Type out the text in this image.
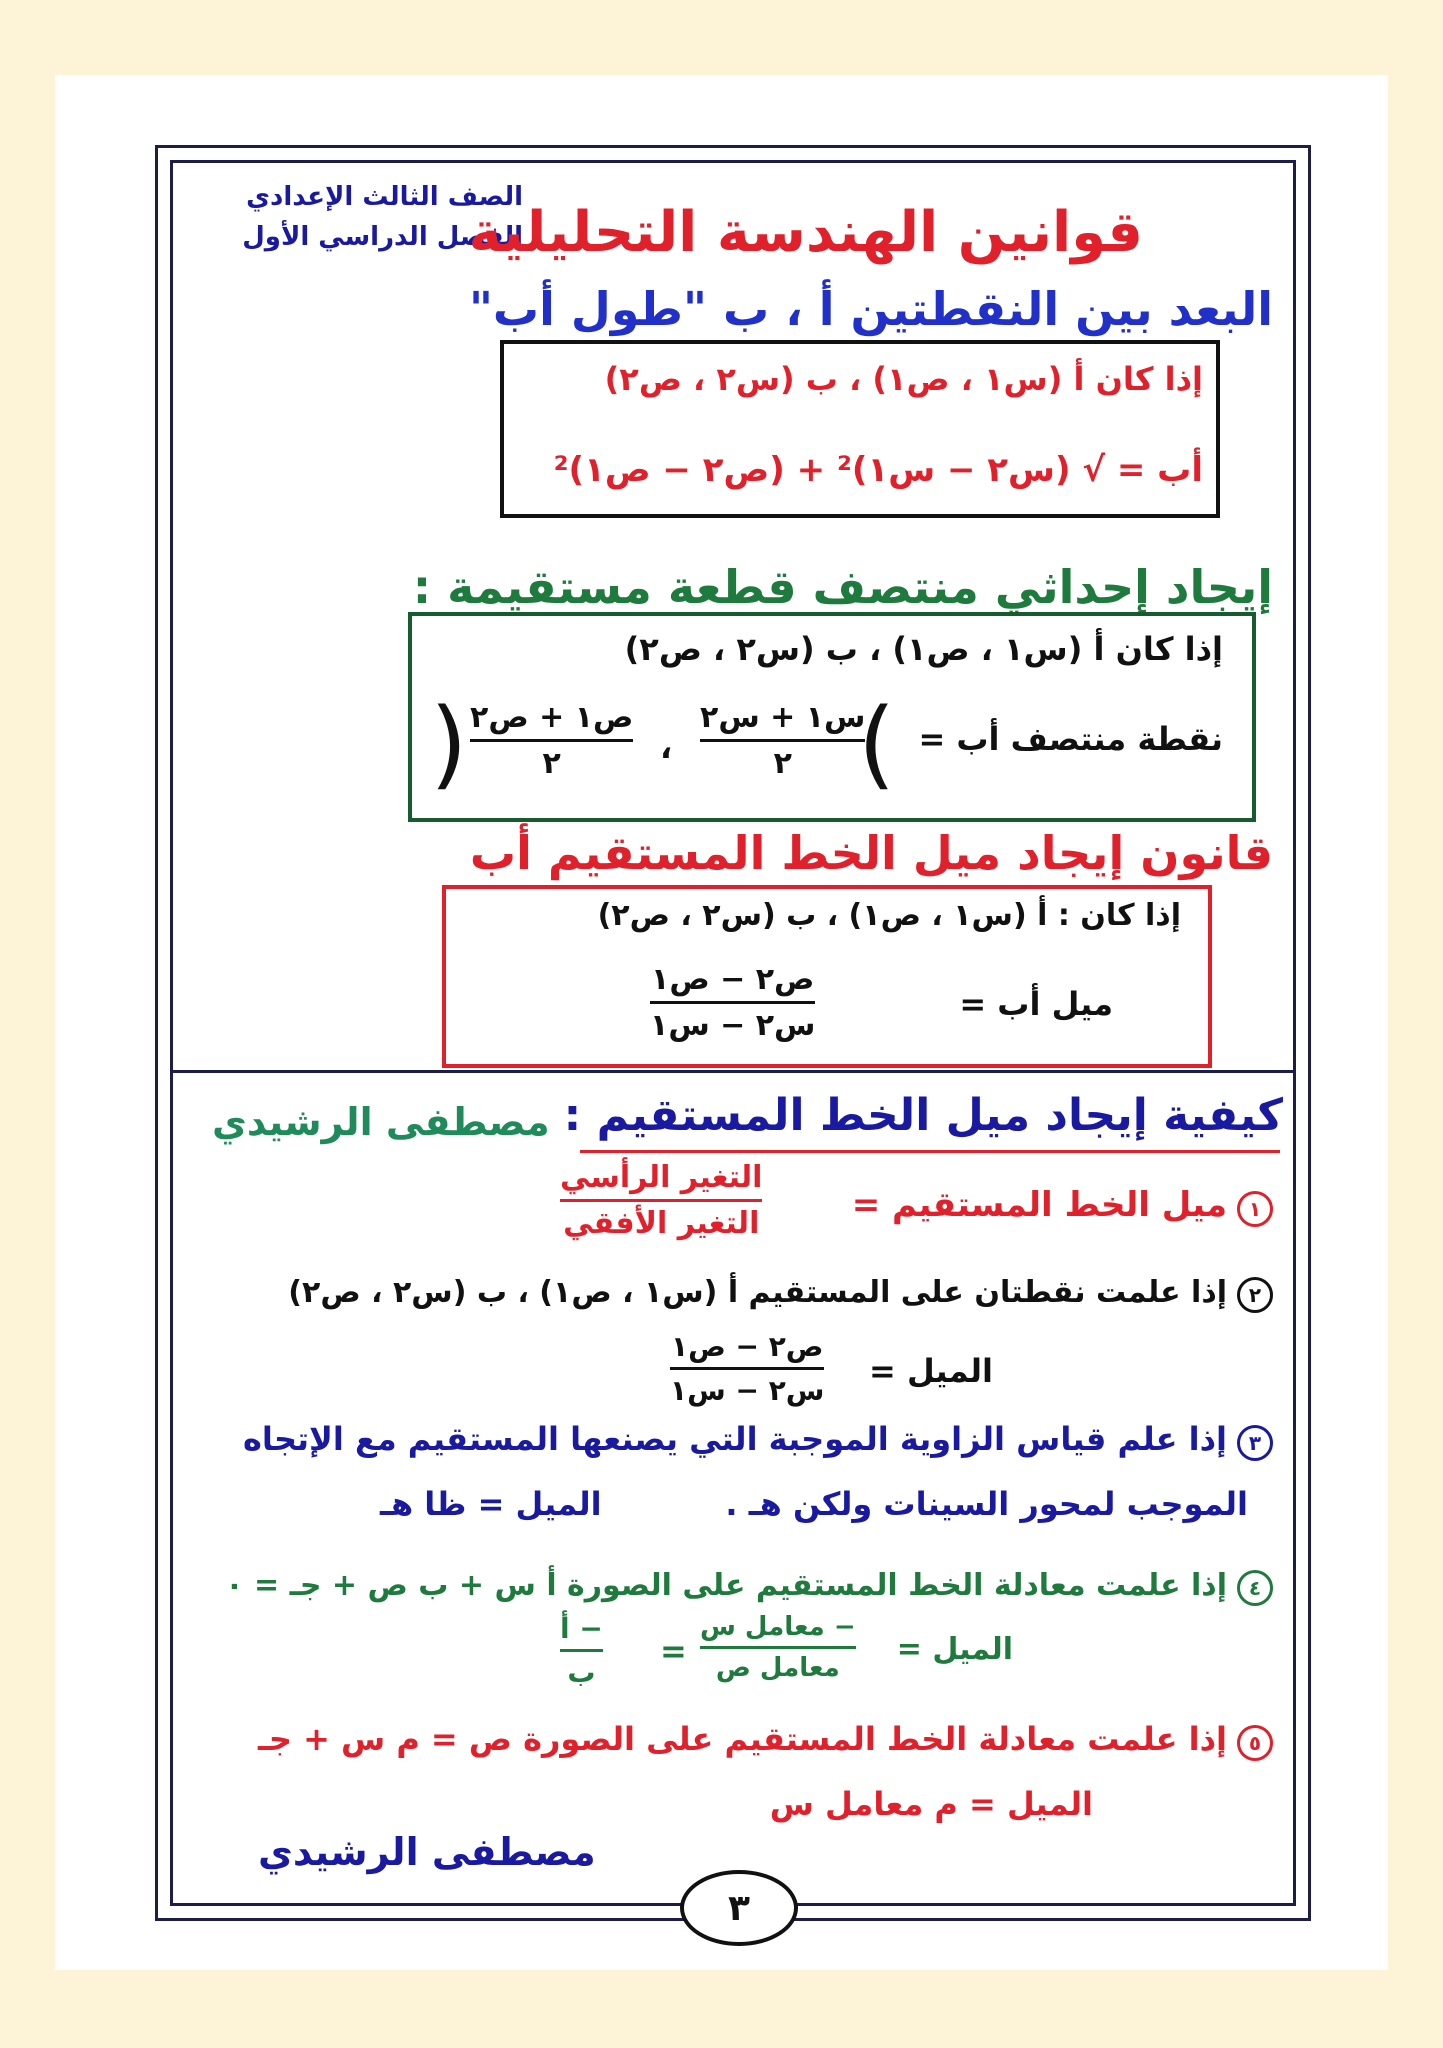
الصف الثالث الإعدادي
الفصل الدراسي الأول
قوانين الهندسة التحليلية
البعد بين النقطتين أ ، ب "طول أب"
إذا كان أ (س١ ، ص١) ، ب (س٢ ، ص٢)
أب = √ (س٢ − س١)² + (ص٢ − ص١)²
إيجاد إحداثي منتصف قطعة مستقيمة :
إذا كان أ (س١ ، ص١) ، ب (س٢ ، ص٢)
نقطة منتصف أب =
( ص١ + ص٢
٢	،
س١ + س٢
٢ )
قانون إيجاد ميل الخط المستقيم أب
إذا كان : أ (س١ ، ص١) ، ب (س٢ ، ص٢)
ميل أب =
ص٢ − ص١
س٢ − س١
كيفية إيجاد ميل الخط المستقيم :
مصطفى الرشيدي
١ميل الخط المستقيم =
التغير الرأسي
التغير الأفقي
٢إذا علمت نقطتان على المستقيم أ (س١ ، ص١) ، ب (س٢ ، ص٢)
الميل =
ص٢ − ص١
س٢ − س١
٣إذا علم قياس الزاوية الموجبة التي يصنعها المستقيم مع الإتجاه
الموجب لمحور السينات ولكن هـ .
الميل = ظا هـ
٤إذا علمت معادلة الخط المستقيم على الصورة أ س + ب ص + جـ = ٠
الميل =
− معامل س
معامل ص
=
− أ
ب
٥إذا علمت معادلة الخط المستقيم على الصورة ص = م س + جـ
الميل = م معامل س
مصطفى الرشيدي
٣
